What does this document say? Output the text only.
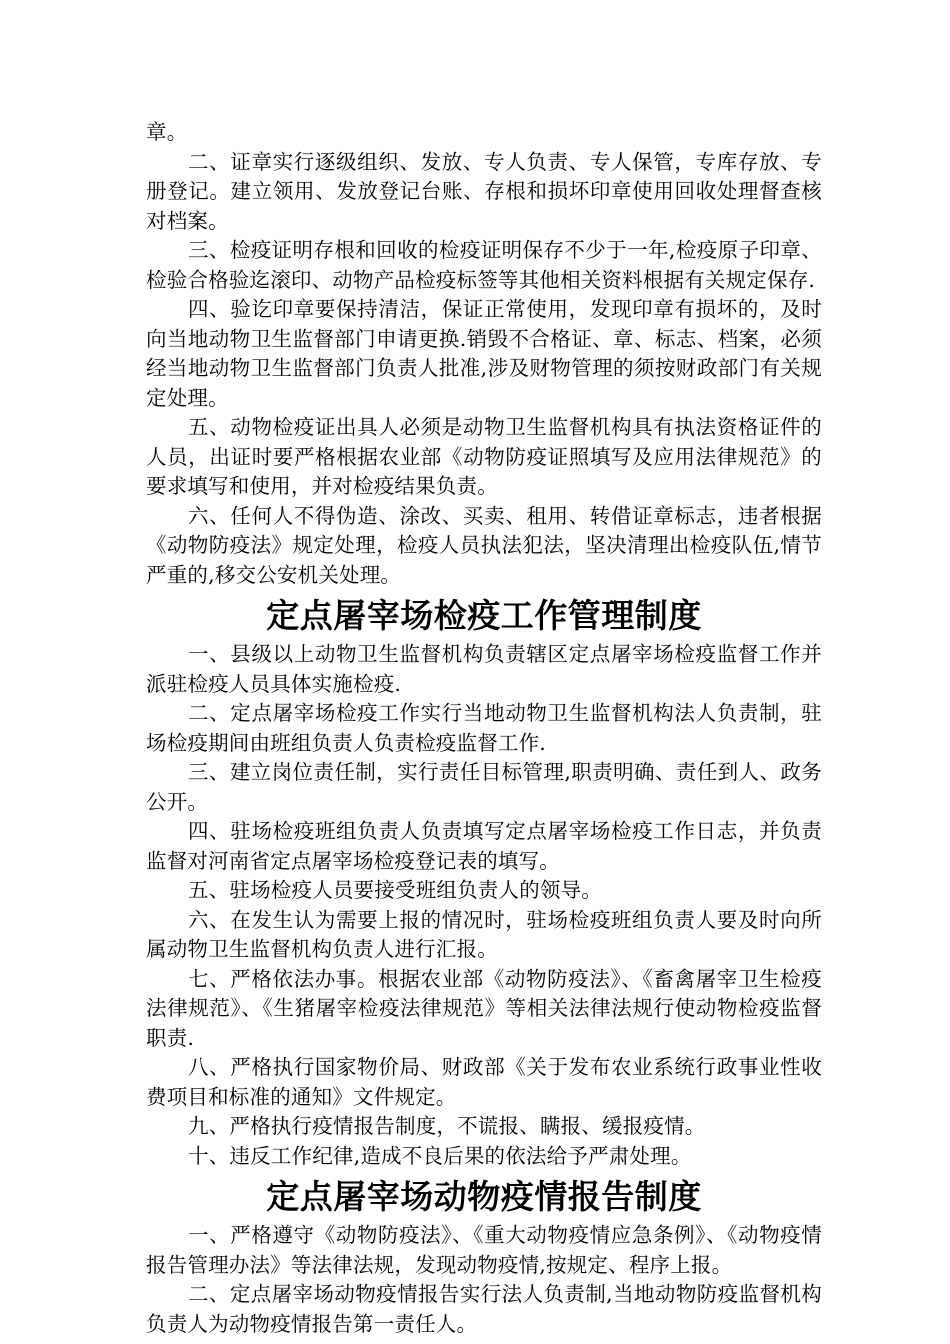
章。

二、证章实行逐级组织、发放、专人负责、专人保管，专库存放、专册登记。建立领用、发放登记台账、存根和损坏印章使用回收处理督查核对档案。

三、检疫证明存根和回收的检疫证明保存不少于一年,检疫原子印章、检验合格验迄滚印、动物产品检疫标签等其他相关资料根据有关规定保存.

四、验讫印章要保持清洁，保证正常使用，发现印章有损坏的，及时向当地动物卫生监督部门申请更换.销毁不合格证、章、标志、档案，必须经当地动物卫生监督部门负责人批准,涉及财物管理的须按财政部门有关规定处理。

五、动物检疫证出具人必须是动物卫生监督机构具有执法资格证件的人员，出证时要严格根据农业部《动物防疫证照填写及应用法律规范》的要求填写和使用，并对检疫结果负责。

六、任何人不得伪造、涂改、买卖、租用、转借证章标志，违者根据《动物防疫法》规定处理，检疫人员执法犯法，坚决清理出检疫队伍,情节严重的,移交公安机关处理。

定点屠宰场检疫工作管理制度

一、县级以上动物卫生监督机构负责辖区定点屠宰场检疫监督工作并派驻检疫人员具体实施检疫.

二、定点屠宰场检疫工作实行当地动物卫生监督机构法人负责制，驻场检疫期间由班组负责人负责检疫监督工作.

三、建立岗位责任制，实行责任目标管理,职责明确、责任到人、政务公开。

四、驻场检疫班组负责人负责填写定点屠宰场检疫工作日志，并负责监督对河南省定点屠宰场检疫登记表的填写。

五、驻场检疫人员要接受班组负责人的领导。

六、在发生认为需要上报的情况时，驻场检疫班组负责人要及时向所属动物卫生监督机构负责人进行汇报。

七、严格依法办事。根据农业部《动物防疫法》、《畜禽屠宰卫生检疫法律规范》、《生猪屠宰检疫法律规范》等相关法律法规行使动物检疫监督职责.

八、严格执行国家物价局、财政部《关于发布农业系统行政事业性收费项目和标准的通知》文件规定。

九、严格执行疫情报告制度，不谎报、瞒报、缓报疫情。

十、违反工作纪律,造成不良后果的依法给予严肃处理。

定点屠宰场动物疫情报告制度

一、严格遵守《动物防疫法》、《重大动物疫情应急条例》、《动物疫情报告管理办法》等法律法规，发现动物疫情,按规定、程序上报。

二、定点屠宰场动物疫情报告实行法人负责制,当地动物防疫监督机构负责人为动物疫情报告第一责任人。
